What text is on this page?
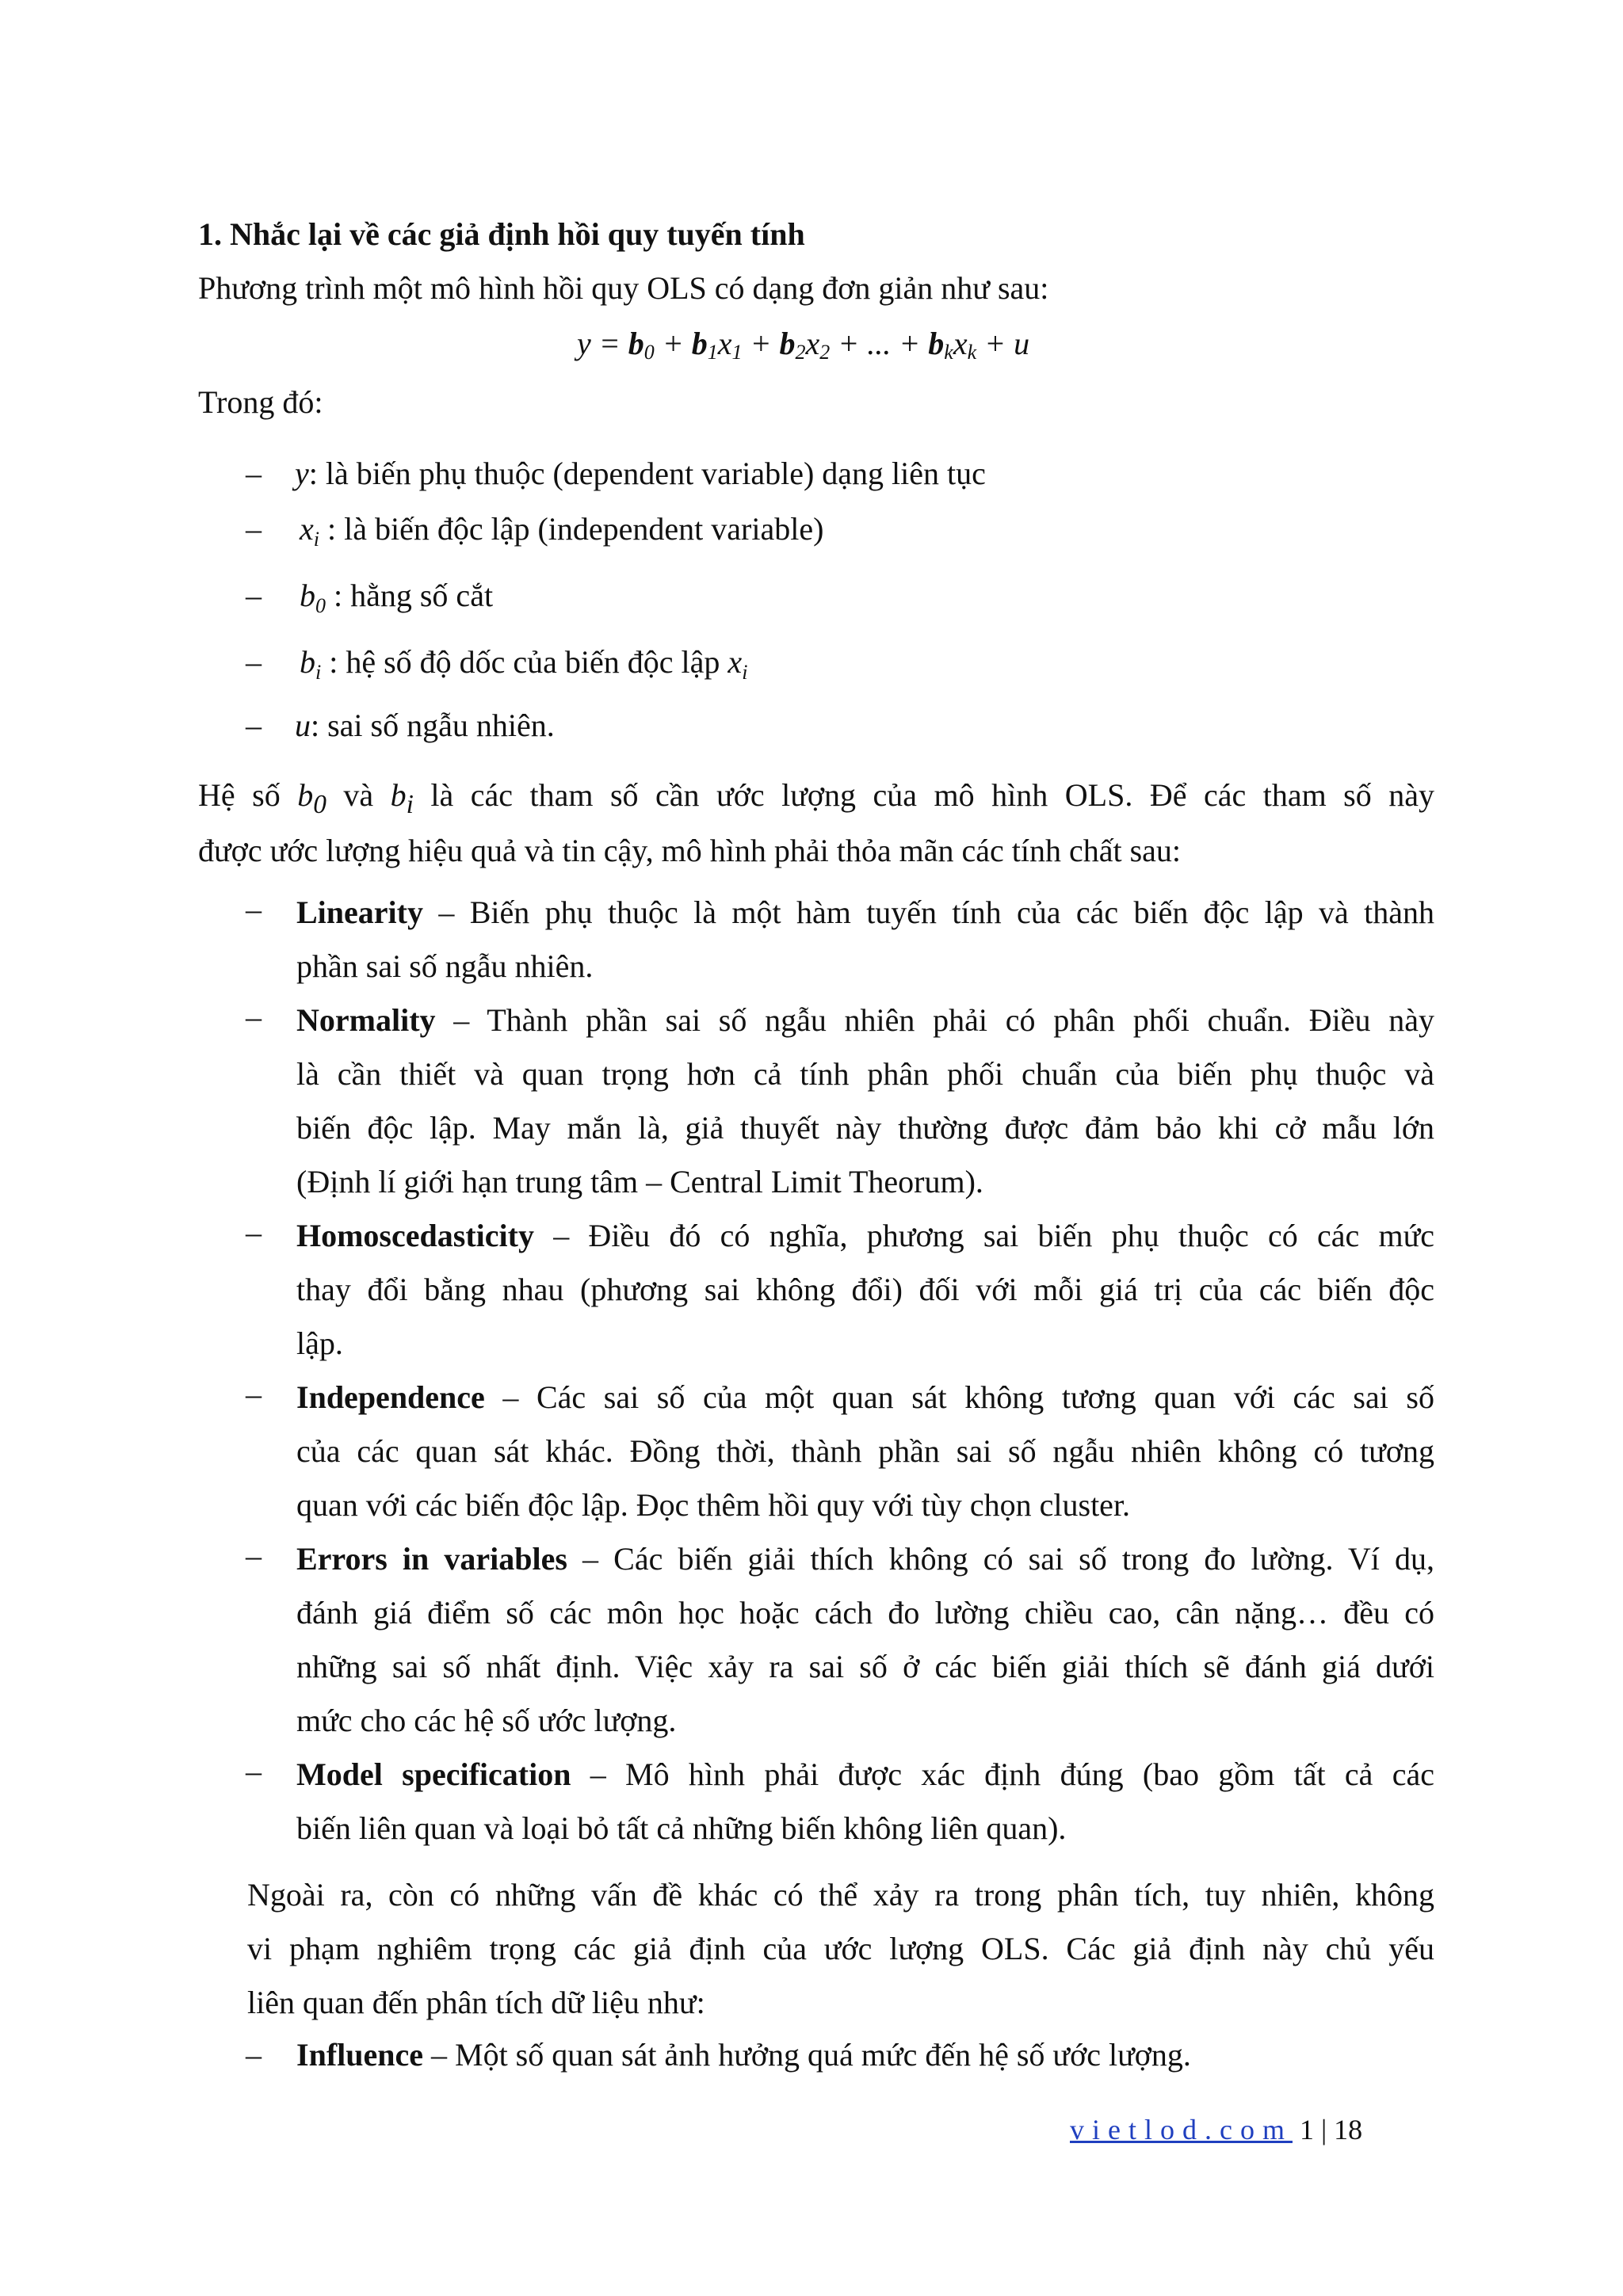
1. Nhắc lại về các giả định hồi quy tuyến tính
Phương trình một mô hình hồi quy OLS có dạng đơn giản như sau:
$y = b_0 + b_1x_1 + b_2x_2$ + ... + $b_kx_k + u$
Trong đó:
– y: là biến phụ thuộc (dependent variable) dạng liên tục
– $x_i$ : là biến độc lập (independent variable)
– $b_0$ : hằng số cắt
– $b_i$ : hệ số độ dốc của biến độc lập $x_i$
– u: sai số ngẫu nhiên.
Hệ số $b_0$ và $b_i$ là các tham số cần ước lượng của mô hình OLS. Để các tham số này
được ước lượng hiệu quả và tin cậy, mô hình phải thỏa mãn các tính chất sau:
– Linearity – Biến phụ thuộc là một hàm tuyến tính của các biến độc lập và thành
phần sai số ngẫu nhiên.
– Normality – Thành phần sai số ngẫu nhiên phải có phân phối chuẩn. Điều này
là cần thiết và quan trọng hơn cả tính phân phối chuẩn của biến phụ thuộc và
biến độc lập. May mắn là, giả thuyết này thường được đảm bảo khi cở mẫu lớn
(Định lí giới hạn trung tâm – Central Limit Theorum).
– Homoscedasticity – Điều đó có nghĩa, phương sai biến phụ thuộc có các mức
thay đổi bằng nhau (phương sai không đổi) đối với mỗi giá trị của các biến độc
lập.
– Independence – Các sai số của một quan sát không tương quan với các sai số
của các quan sát khác. Đồng thời, thành phần sai số ngẫu nhiên không có tương
quan với các biến độc lập. Đọc thêm hồi quy với tùy chọn cluster.
– Errors in variables – Các biến giải thích không có sai số trong đo lường. Ví dụ,
đánh giá điểm số các môn học hoặc cách đo lường chiều cao, cân nặng… đều có
những sai số nhất định. Việc xảy ra sai số ở các biến giải thích sẽ đánh giá dưới
mức cho các hệ số ước lượng.
– Model specification – Mô hình phải được xác định đúng (bao gồm tất cả các
biến liên quan và loại bỏ tất cả những biến không liên quan).
Ngoài ra, còn có những vấn đề khác có thể xảy ra trong phân tích, tuy nhiên, không
vi phạm nghiêm trọng các giả định của ước lượng OLS. Các giả định này chủ yếu
liên quan đến phân tích dữ liệu như:
– Influence – Một số quan sát ảnh hưởng quá mức đến hệ số ước lượng.
vietlod.com 1 | 18
